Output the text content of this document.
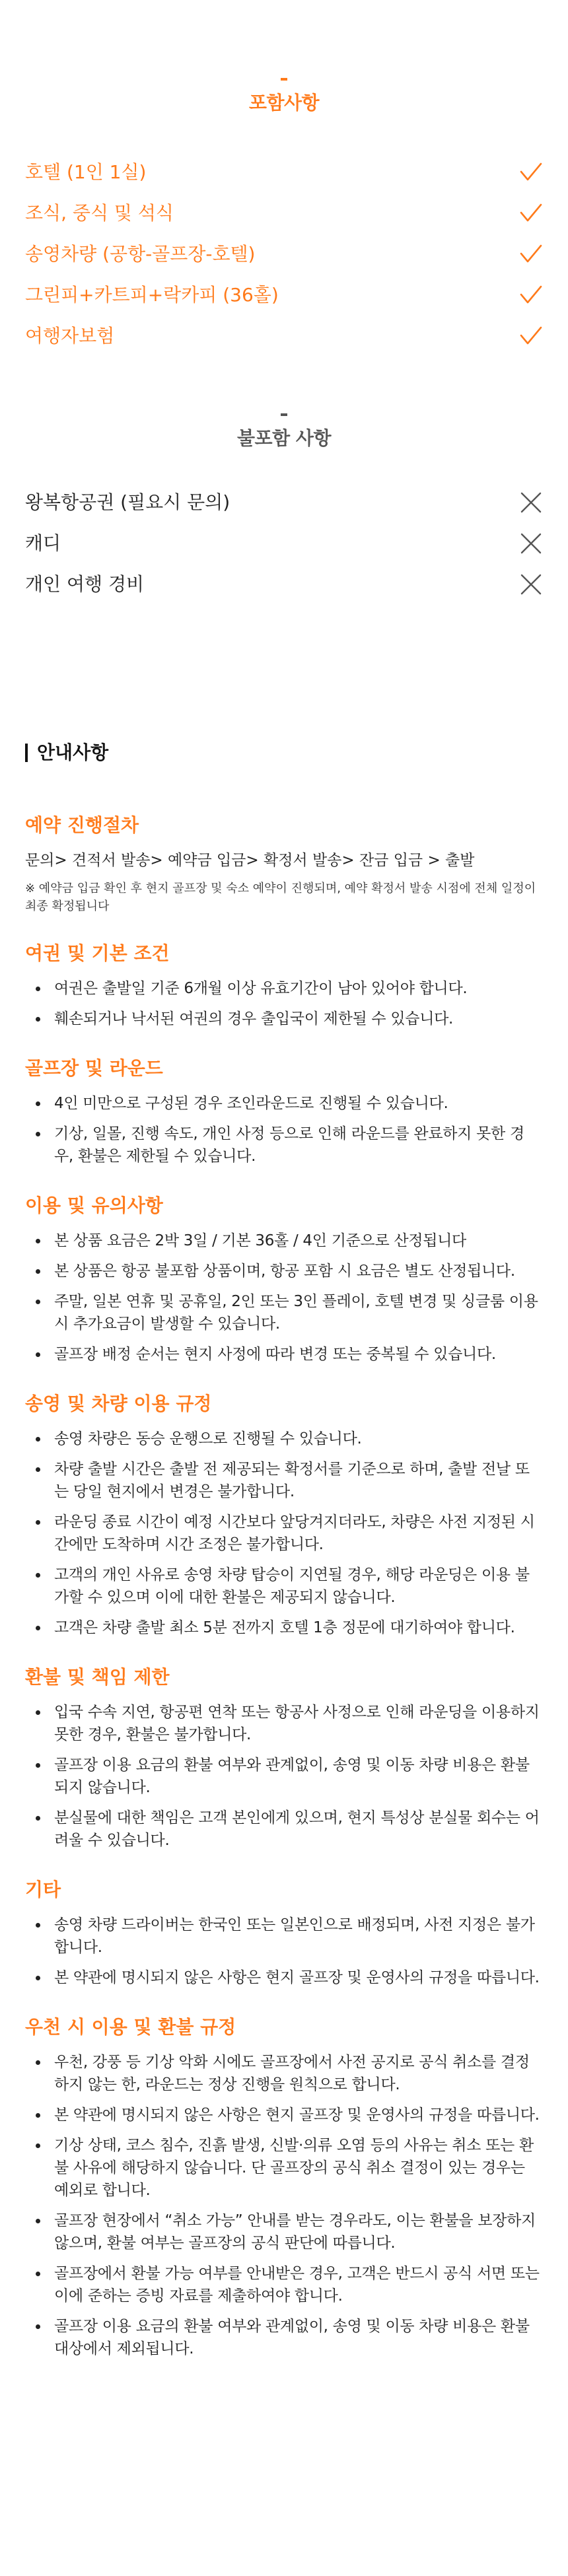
포함사항
호텔 (1인 1실)
조식, 중식 및 석식
송영차량 (공항-골프장-호텔)
그린피+카트피+락카피 (36홀)
여행자보험
불포함 사항
왕복항공권 (필요시 문의)
캐디
개인 여행 경비
안내사항
예약 진행절차

문의> 견적서 발송> 예약금 입금> 확정서 발송> 잔금 입금 > 출발

※ 예약금 입금 확인 후 현지 골프장 및 숙소 예약이 진행되며, 예약 확정서 발송 시점에 전체 일정이 최종 확정됩니다

여권 및 기본 조건
여권은 출발일 기준 6개월 이상 유효기간이 남아 있어야 합니다.
훼손되거나 낙서된 여권의 경우 출입국이 제한될 수 있습니다.
골프장 및 라운드
4인 미만으로 구성된 경우 조인라운드로 진행될 수 있습니다.
기상, 일몰, 진행 속도, 개인 사정 등으로 인해 라운드를 완료하지 못한 경우, 환불은 제한될 수 있습니다.
이용 및 유의사항
본 상품 요금은 2박 3일 / 기본 36홀 / 4인 기준으로 산정됩니다
본 상품은 항공 불포함 상품이며, 항공 포함 시 요금은 별도 산정됩니다.
주말, 일본 연휴 및 공휴일, 2인 또는 3인 플레이, 호텔 변경 및 싱글룸 이용 시 추가요금이 발생할 수 있습니다.
골프장 배정 순서는 현지 사정에 따라 변경 또는 중복될 수 있습니다.
송영 및 차량 이용 규정
송영 차량은 동승 운행으로 진행될 수 있습니다.
차량 출발 시간은 출발 전 제공되는 확정서를 기준으로 하며, 출발 전날 또는 당일 현지에서 변경은 불가합니다.
라운딩 종료 시간이 예정 시간보다 앞당겨지더라도, 차량은 사전 지정된 시간에만 도착하며 시간 조정은 불가합니다.
고객의 개인 사유로 송영 차량 탑승이 지연될 경우, 해당 라운딩은 이용 불가할 수 있으며 이에 대한 환불은 제공되지 않습니다.
고객은 차량 출발 최소 5분 전까지 호텔 1층 정문에 대기하여야 합니다.
환불 및 책임 제한
입국 수속 지연, 항공편 연착 또는 항공사 사정으로 인해 라운딩을 이용하지 못한 경우, 환불은 불가합니다.
골프장 이용 요금의 환불 여부와 관계없이, 송영 및 이동 차량 비용은 환불되지 않습니다.
분실물에 대한 책임은 고객 본인에게 있으며, 현지 특성상 분실물 회수는 어려울 수 있습니다.
기타
송영 차량 드라이버는 한국인 또는 일본인으로 배정되며, 사전 지정은 불가합니다.
본 약관에 명시되지 않은 사항은 현지 골프장 및 운영사의 규정을 따릅니다.
우천 시 이용 및 환불 규정
우천, 강풍 등 기상 악화 시에도 골프장에서 사전 공지로 공식 취소를 결정하지 않는 한, 라운드는 정상 진행을 원칙으로 합니다.
본 약관에 명시되지 않은 사항은 현지 골프장 및 운영사의 규정을 따릅니다.
기상 상태, 코스 침수, 진흙 발생, 신발·의류 오염 등의 사유는 취소 또는 환불 사유에 해당하지 않습니다. 단 골프장의 공식 취소 결정이 있는 경우는 예외로 합니다.
골프장 현장에서 “취소 가능” 안내를 받는 경우라도, 이는 환불을 보장하지 않으며, 환불 여부는 골프장의 공식 판단에 따릅니다.
골프장에서 환불 가능 여부를 안내받은 경우, 고객은 반드시 공식 서면 또는 이에 준하는 증빙 자료를 제출하여야 합니다.
골프장 이용 요금의 환불 여부와 관계없이, 송영 및 이동 차량 비용은 환불 대상에서 제외됩니다.
